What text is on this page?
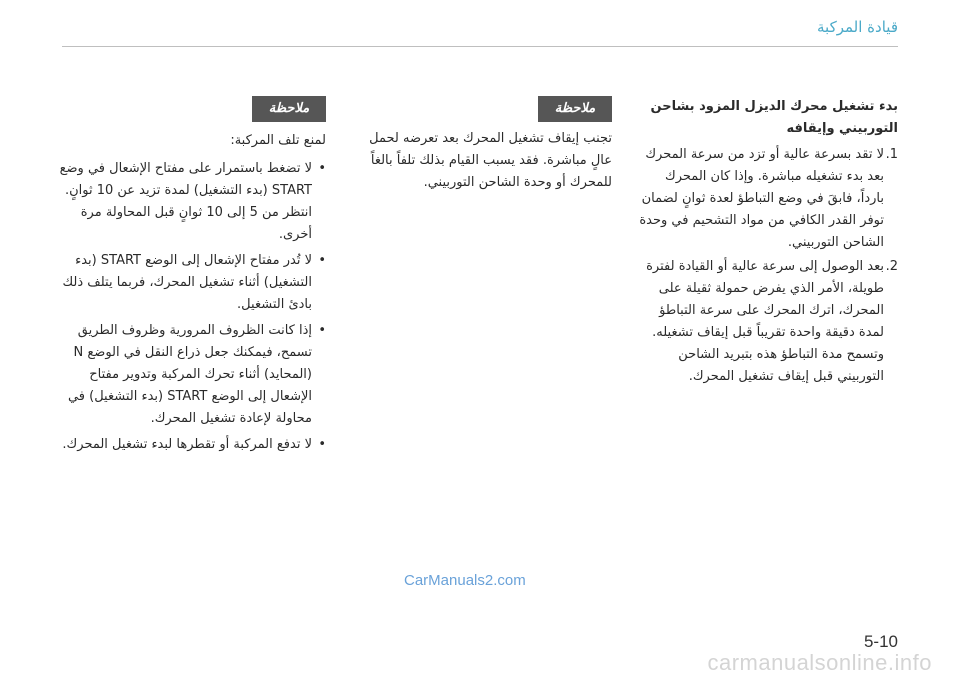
قيادة المركبة

بدء تشغيل محرك الديزل المزود بشاحن التوربيني وإيقافه

1.
لا تقد بسرعة عالية أو تزد من سرعة المحرك بعد بدء تشغيله مباشرة. وإذا كان المحرك بارداً، فابقَ في وضع التباطؤ لعدة ثوانٍ لضمان توفر القدر الكافي من مواد التشحيم في وحدة الشاحن التوربيني.
2.
بعد الوصول إلى سرعة عالية أو القيادة لفترة طويلة، الأمر الذي يفرض حمولة ثقيلة على المحرك، اترك المحرك على سرعة التباطؤ لمدة دقيقة واحدة تقريباً قبل إيقاف تشغيله. وتسمح مدة التباطؤ هذه بتبريد الشاحن التوربيني قبل إيقاف تشغيل المحرك.
ملاحظة

تجنب إيقاف تشغيل المحرك بعد تعرضه لحمل عالٍ مباشرة. فقد يسبب القيام بذلك تلفاً بالغاً للمحرك أو وحدة الشاحن التوربيني.

ملاحظة

لمنع تلف المركبة:

•
لا تضغط باستمرار على مفتاح الإشعال في وضع START (بدء التشغيل) لمدة تزيد عن 10 ثوانٍ. انتظر من 5 إلى 10 ثوانٍ قبل المحاولة مرة أخرى.
•
لا تُدر مفتاح الإشعال إلى الوضع START (بدء التشغيل) أثناء تشغيل المحرك، فربما يتلف ذلك بادئ التشغيل.
•
إذا كانت الظروف المرورية وظروف الطريق تسمح، فيمكنك جعل ذراع النقل في الوضع N (المحايد) أثناء تحرك المركبة وتدوير مفتاح الإشعال إلى الوضع START (بدء التشغيل) في محاولة لإعادة تشغيل المحرك.
•
لا تدفع المركبة أو تقطرها لبدء تشغيل المحرك.
CarManuals2.com
5-10
carmanualsonline.info
